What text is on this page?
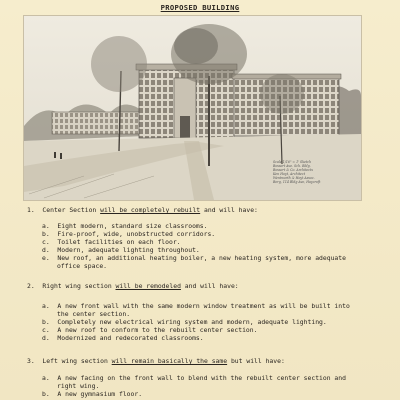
PROPOSED BUILDING
Scale 1/16" = 1' Sketch
Bossert Ave. Sch. Bldg.
Bossert & Co. Architects
Ken Hoyt, Architect
Wentworth & Hoyt Assoc.
Berg, 114 Bldg Ave, Haycroft
1. Center Section will be completely rebuilt and will have:
a. Eight modern, standard size classrooms.
b. Fire-proof, wide, unobstructed corridors.
c. Toilet facilities on each floor.
d. Modern, adequate lighting throughout.
e. New roof, an additional heating boiler, a new heating system, more adequate
office space.
2. Right wing section will be remodeled and will have:
a. A new front wall with the same modern window treatment as will be built into
the center section.
b. Completely new electrical wiring system and modern, adequate lighting.
c. A new roof to conform to the rebuilt center section.
d. Modernized and redecorated classrooms.
3. Left wing section will remain basically the same but will have:
a. A new facing on the front wall to blend with the rebuilt center section and
right wing.
b. A new gymnasium floor.
